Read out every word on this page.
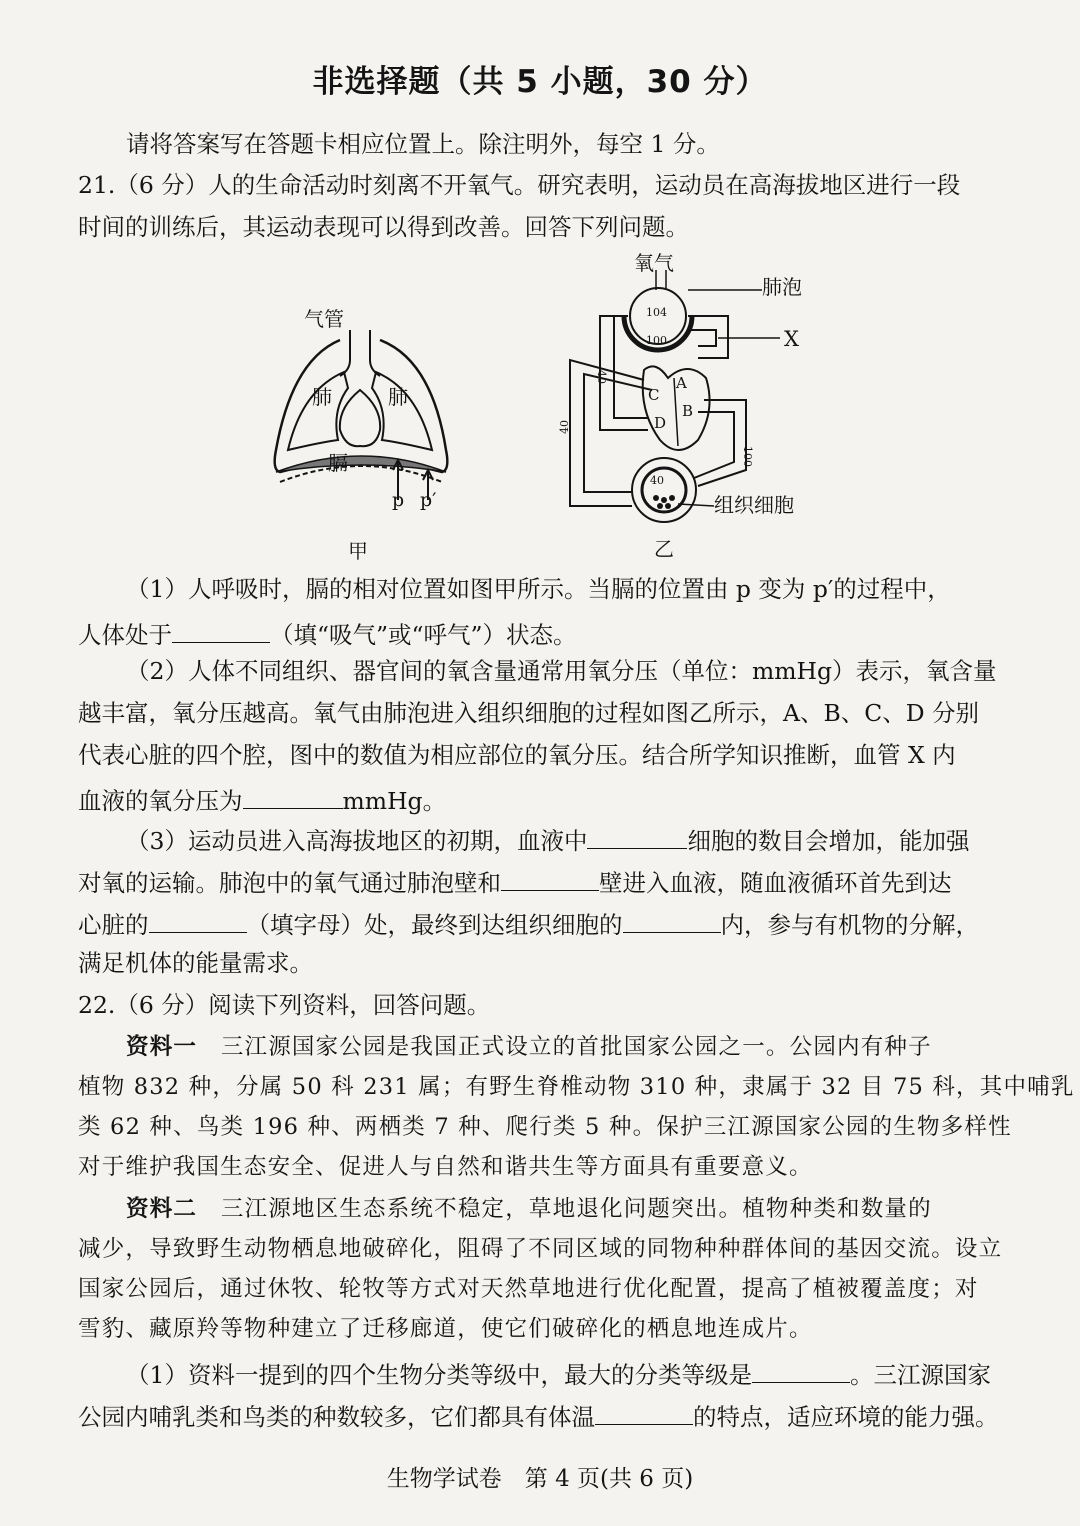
非选择题（共 5 小题，30 分）
请将答案写在答题卡相应位置上。除注明外，每空 1 分。
21.（6 分）人的生命活动时刻离不开氧气。研究表明，运动员在高海拔地区进行一段
时间的训练后，其运动表现可以得到改善。回答下列问题。
气管
肺	肺
膈
p p′
甲
氧气
肺泡
X
104
100
40
40
100
40
A
B
C
D
组织细胞
乙
（1）人呼吸时，膈的相对位置如图甲所示。当膈的位置由 p 变为 p′的过程中，
人体处于	（填“吸气”或“呼气”）状态。
（2）人体不同组织、器官间的氧含量通常用氧分压（单位：mmHg）表示，氧含量
越丰富，氧分压越高。氧气由肺泡进入组织细胞的过程如图乙所示，A、B、C、D 分别
代表心脏的四个腔，图中的数值为相应部位的氧分压。结合所学知识推断，血管 X 内
血液的氧分压为	mmHg。
（3）运动员进入高海拔地区的初期，血液中	细胞的数目会增加，能加强
对氧的运输。肺泡中的氧气通过肺泡壁和	壁进入血液，随血液循环首先到达
心脏的	（填字母）处，最终到达组织细胞的	内，参与有机物的分解，
满足机体的能量需求。
22.（6 分）阅读下列资料，回答问题。
资料一　 三江源国家公园是我国正式设立的首批国家公园之一。公园内有种子
植物 832 种，分属 50 科 231 属；有野生脊椎动物 310 种，隶属于 32 目 75 科，其中哺乳
类 62 种、鸟类 196 种、两栖类 7 种、爬行类 5 种。保护三江源国家公园的生物多样性
对于维护我国生态安全、促进人与自然和谐共生等方面具有重要意义。
资料二　 三江源地区生态系统不稳定，草地退化问题突出。植物种类和数量的
减少，导致野生动物栖息地破碎化，阻碍了不同区域的同物种种群体间的基因交流。设立
国家公园后，通过休牧、轮牧等方式对天然草地进行优化配置，提高了植被覆盖度；对
雪豹、藏原羚等物种建立了迁移廊道，使它们破碎化的栖息地连成片。
（1）资料一提到的四个生物分类等级中，最大的分类等级是	。三江源国家
公园内哺乳类和鸟类的种数较多，它们都具有体温	的特点，适应环境的能力强。
生物学试卷　第 4 页(共 6 页)
